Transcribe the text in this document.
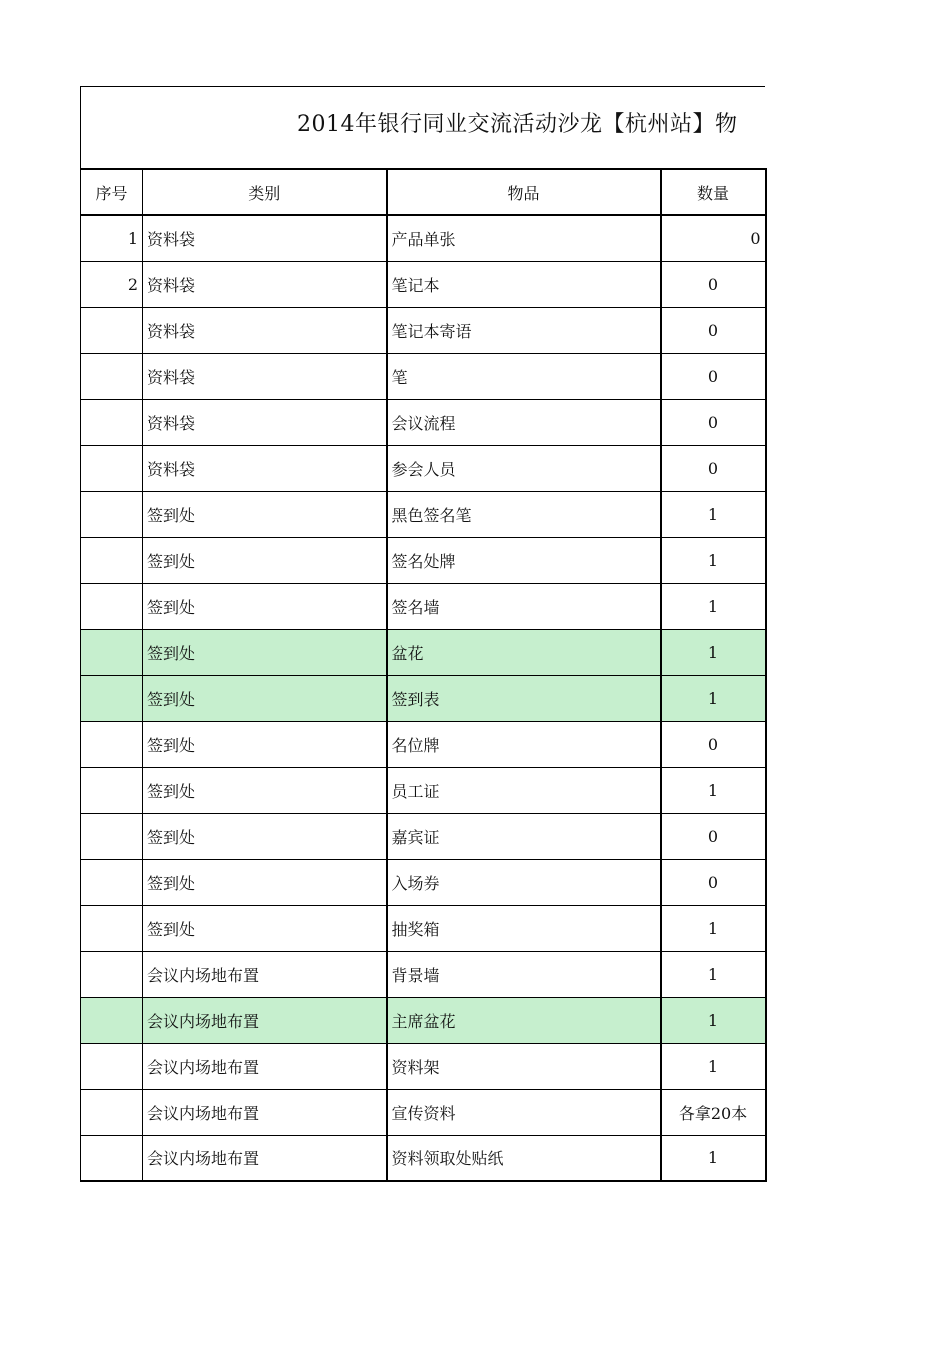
2014年银行同业交流活动沙龙【杭州站】物
序号	类别	物品	数量
1	资料袋	产品单张	0
2	资料袋	笔记本	0
	资料袋	笔记本寄语	0
	资料袋	笔	0
	资料袋	会议流程	0
	资料袋	参会人员	0
	签到处	黑色签名笔	1
	签到处	签名处牌	1
	签到处	签名墙	1
	签到处	盆花	1
	签到处	签到表	1
	签到处	名位牌	0
	签到处	员工证	1
	签到处	嘉宾证	0
	签到处	入场券	0
	签到处	抽奖箱	1
	会议内场地布置	背景墙	1
	会议内场地布置	主席盆花	1
	会议内场地布置	资料架	1
	会议内场地布置	宣传资料	各拿20本
	会议内场地布置	资料领取处贴纸	1
